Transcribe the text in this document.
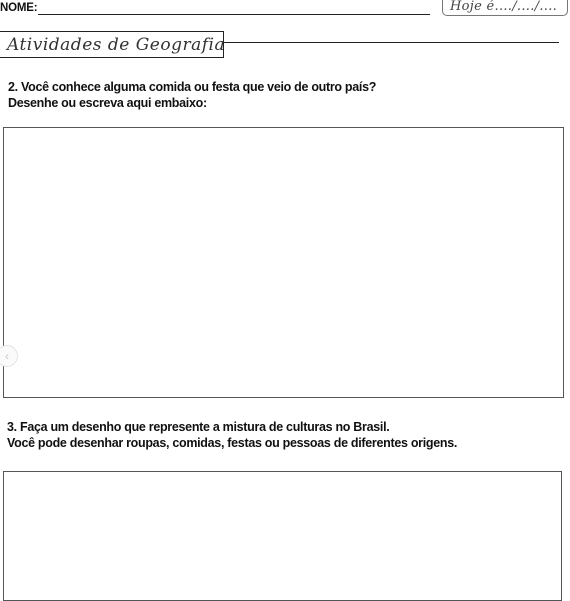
NOME:	Hoje é..../..../....
Atividades de Geografia
2. Você conhece alguma comida ou festa que veio de outro país?
Desenhe ou escreva aqui embaixo:
‹
3. Faça um desenho que represente a mistura de culturas no Brasil.
Você pode desenhar roupas, comidas, festas ou pessoas de diferentes origens.
